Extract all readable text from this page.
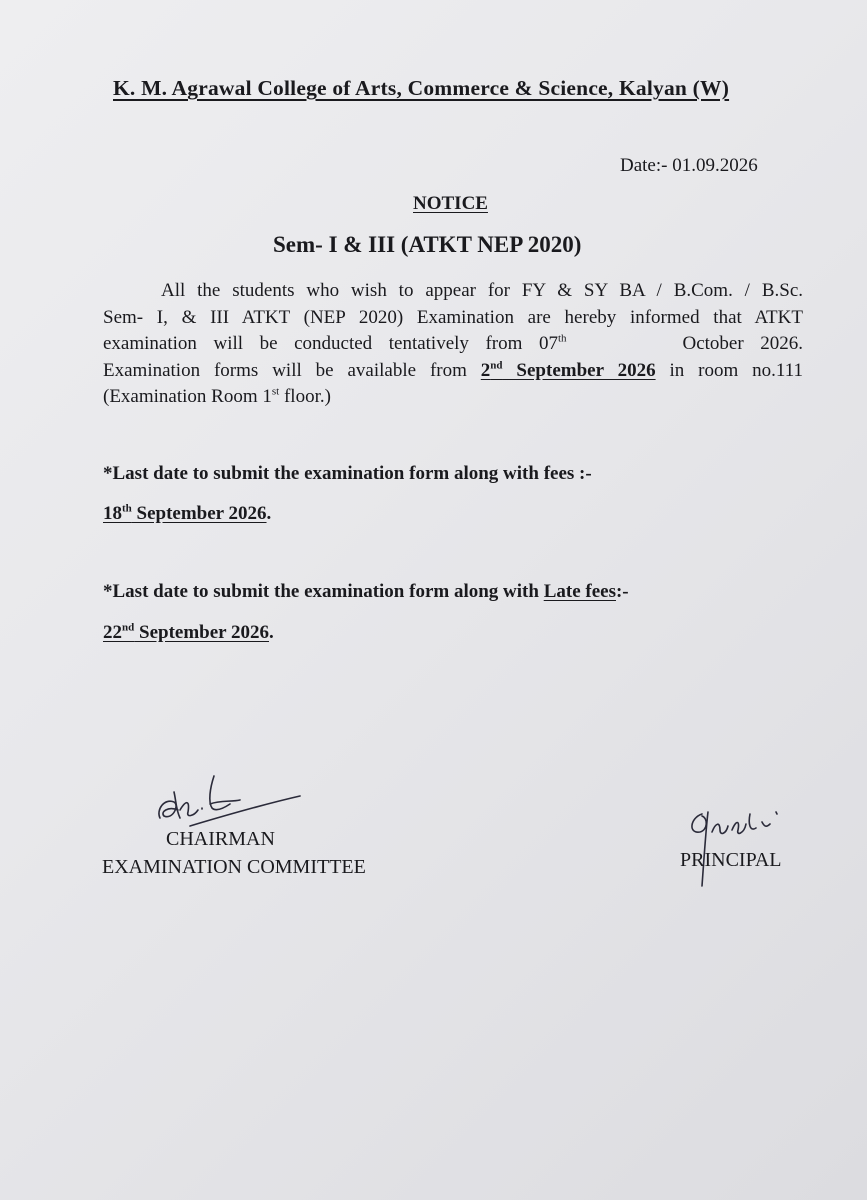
K. M. Agrawal College of Arts, Commerce & Science, Kalyan (W)
Date:- 01.09.2026
NOTICE
Sem- I & III (ATKT NEP 2020)
All the students who wish to appear for FY & SY BA / B.Com. / B.Sc.
Sem- I, & III ATKT (NEP 2020) Examination are hereby informed that ATKT
examination will be conducted tentatively from 07th	October 2026.
Examination forms will be available from 2nd September 2026 in room no.111
(Examination Room 1st floor.)
*Last date to submit the examination form along with fees :-
18th September 2026.
*Last date to submit the examination form along with Late fees:-
22nd September 2026.
CHAIRMAN
EXAMINATION COMMITTEE	PRINCIPAL
